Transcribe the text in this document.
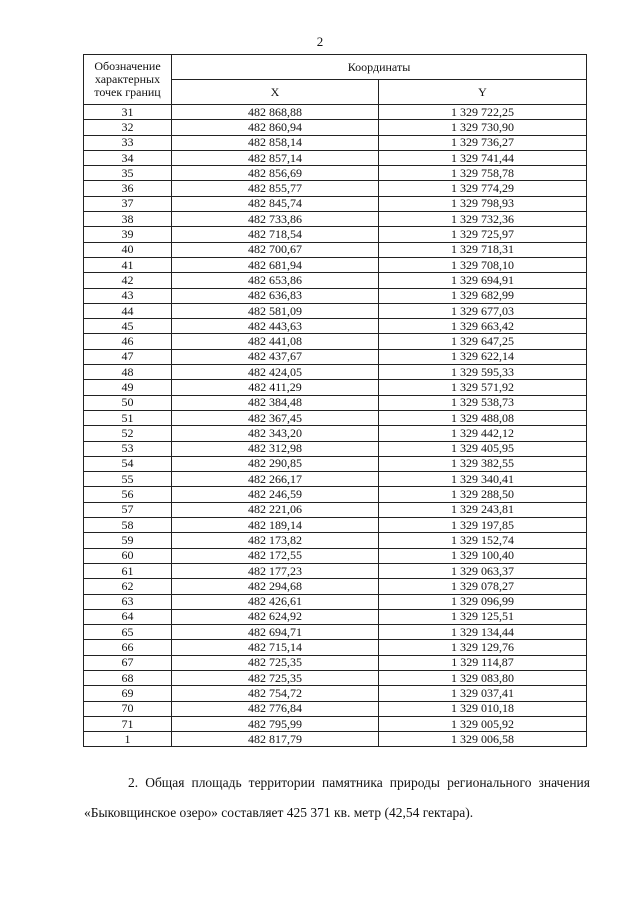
2
Обозначение характерных точек границ	Координаты	
	X	Y
31	482 868,88	1 329 722,25
32	482 860,94	1 329 730,90
33	482 858,14	1 329 736,27
34	482 857,14	1 329 741,44
35	482 856,69	1 329 758,78
36	482 855,77	1 329 774,29
37	482 845,74	1 329 798,93
38	482 733,86	1 329 732,36
39	482 718,54	1 329 725,97
40	482 700,67	1 329 718,31
41	482 681,94	1 329 708,10
42	482 653,86	1 329 694,91
43	482 636,83	1 329 682,99
44	482 581,09	1 329 677,03
45	482 443,63	1 329 663,42
46	482 441,08	1 329 647,25
47	482 437,67	1 329 622,14
48	482 424,05	1 329 595,33
49	482 411,29	1 329 571,92
50	482 384,48	1 329 538,73
51	482 367,45	1 329 488,08
52	482 343,20	1 329 442,12
53	482 312,98	1 329 405,95
54	482 290,85	1 329 382,55
55	482 266,17	1 329 340,41
56	482 246,59	1 329 288,50
57	482 221,06	1 329 243,81
58	482 189,14	1 329 197,85
59	482 173,82	1 329 152,74
60	482 172,55	1 329 100,40
61	482 177,23	1 329 063,37
62	482 294,68	1 329 078,27
63	482 426,61	1 329 096,99
64	482 624,92	1 329 125,51
65	482 694,71	1 329 134,44
66	482 715,14	1 329 129,76
67	482 725,35	1 329 114,87
68	482 725,35	1 329 083,80
69	482 754,72	1 329 037,41
70	482 776,84	1 329 010,18
71	482 795,99	1 329 005,92
1	482 817,79	1 329 006,58
2. Общая площадь территории памятника природы регионального значения «Быковщинское озеро» составляет 425 371 кв. метр (42,54 гектара).
